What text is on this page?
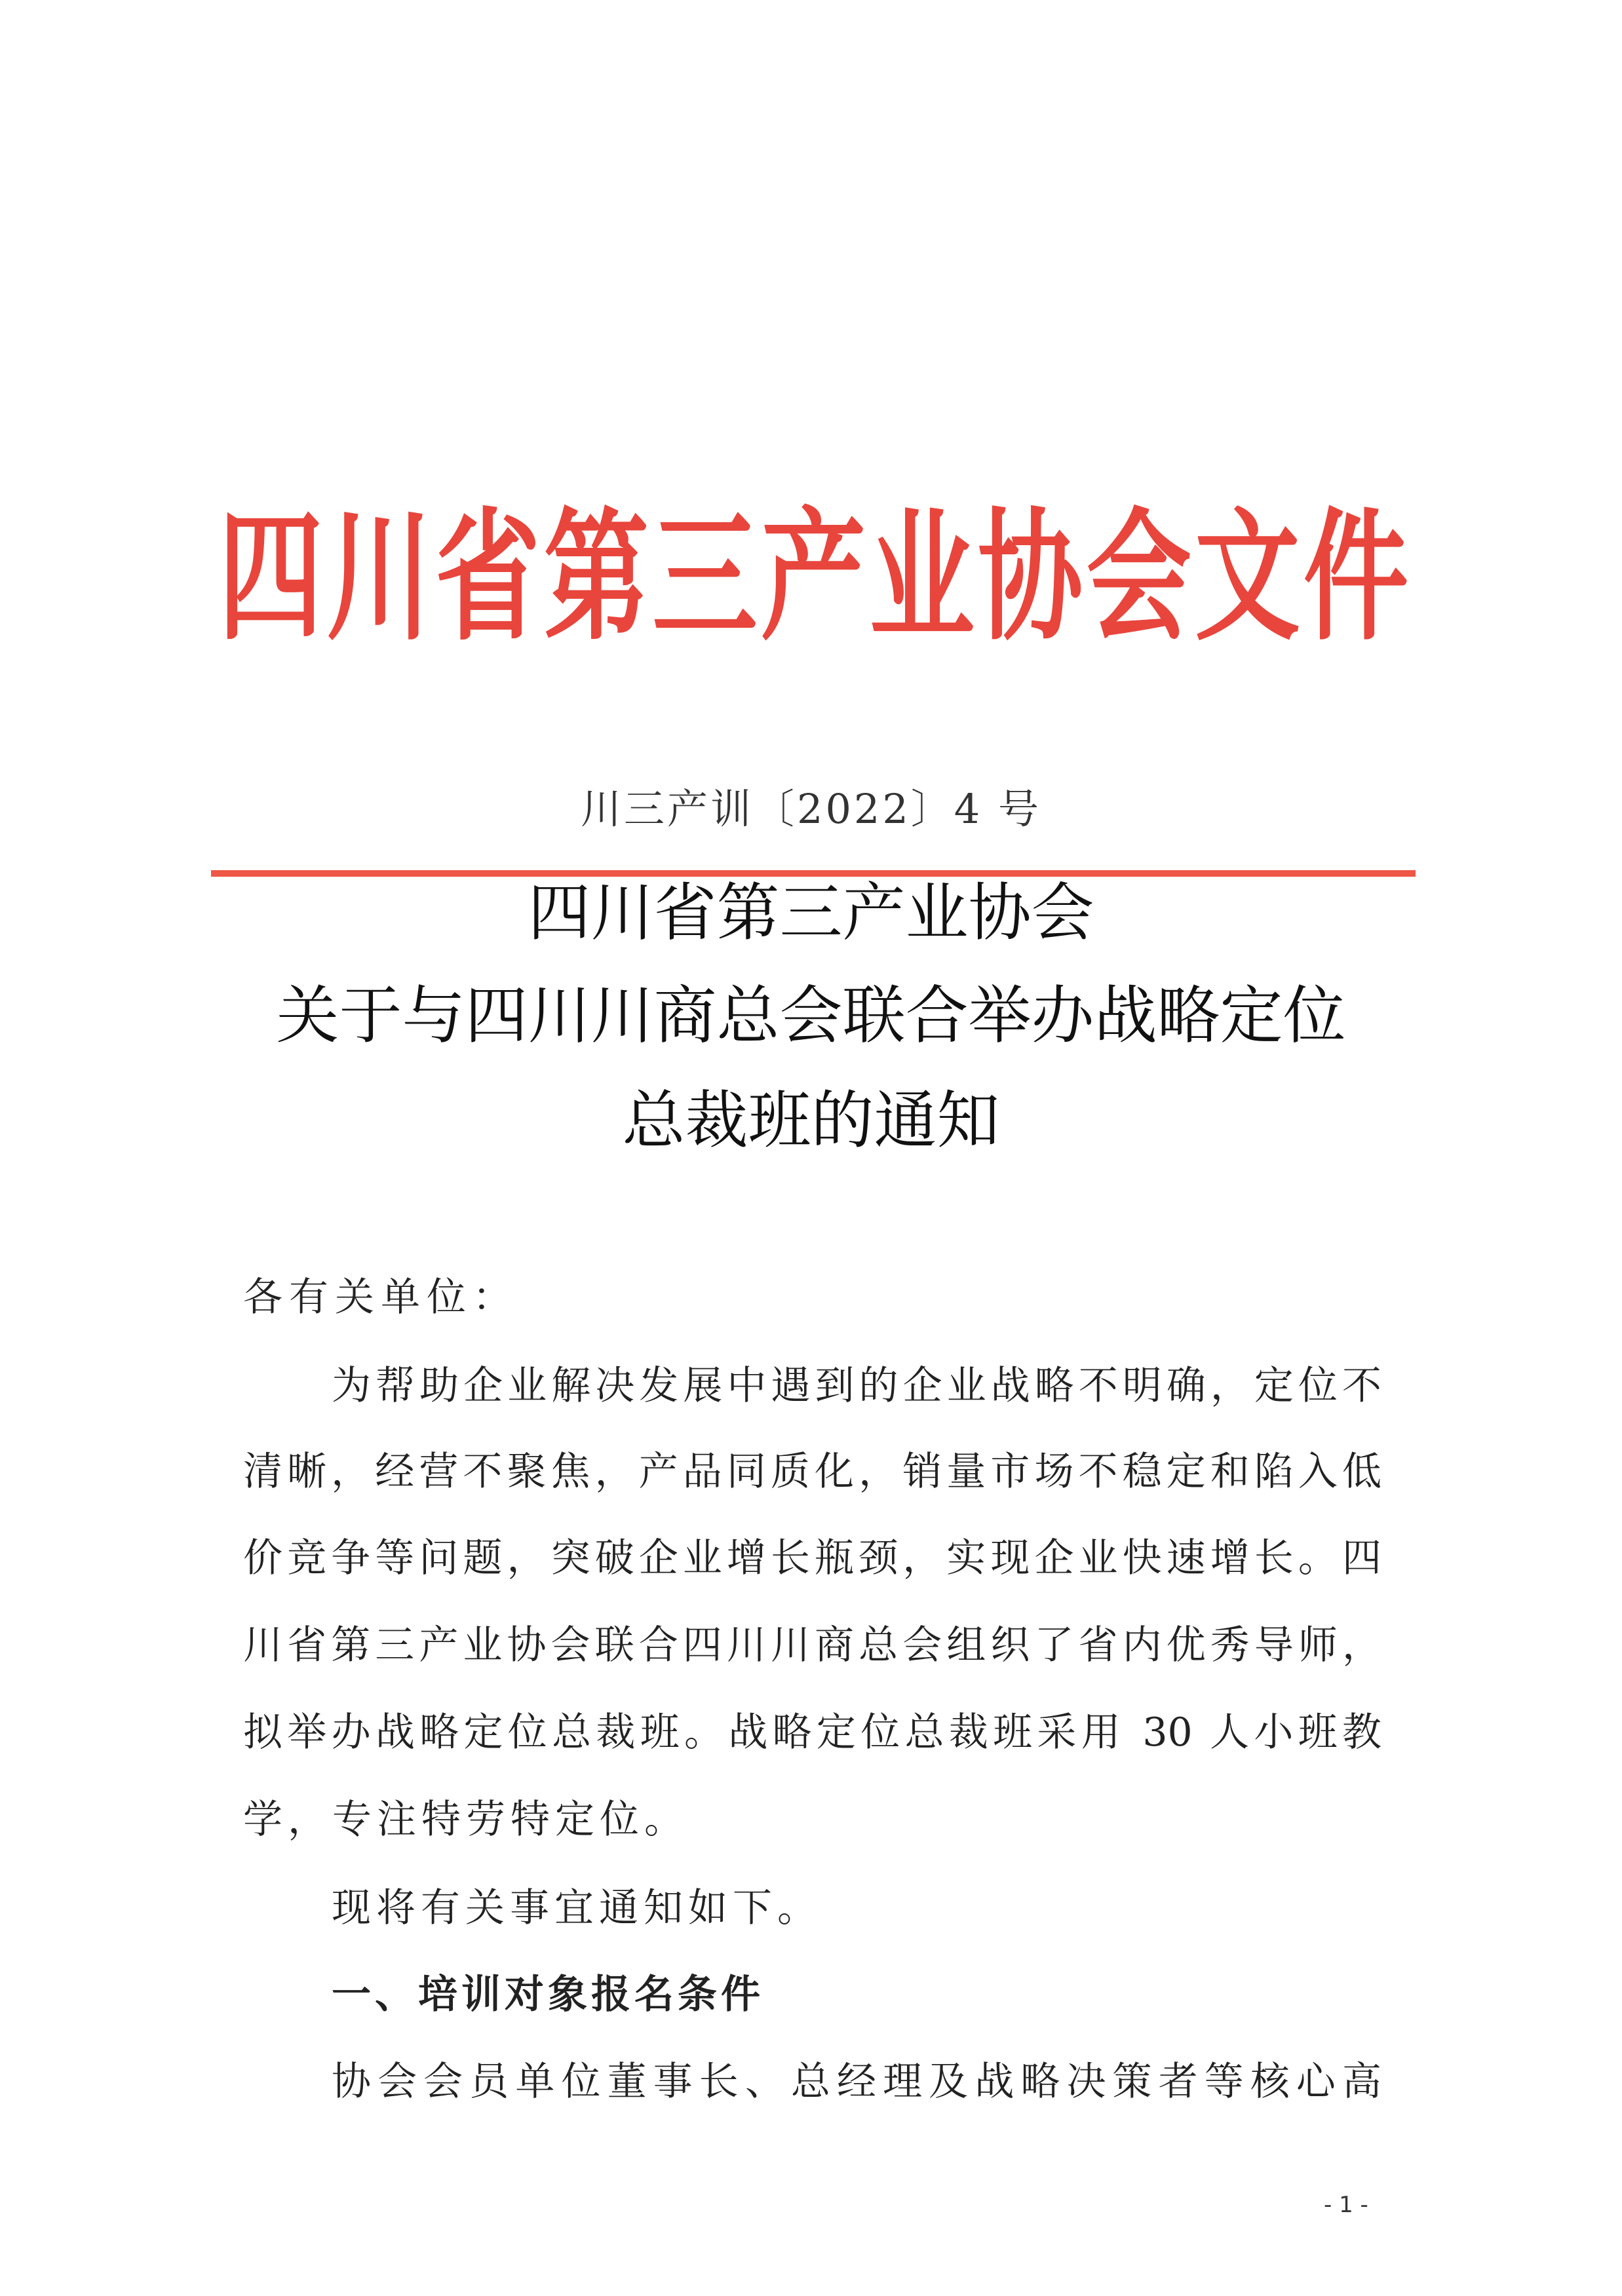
四川省第三产业协会文件
川三产训〔2022〕4 号
四川省第三产业协会
关于与四川川商总会联合举办战略定位
总裁班的通知
各有关单位：
为帮助企业解决发展中遇到的企业战略不明确，定位不
清晰，经营不聚焦，产品同质化，销量市场不稳定和陷入低
价竞争等问题，突破企业增长瓶颈，实现企业快速增长。四
川省第三产业协会联合四川川商总会组织了省内优秀导师，
拟举办战略定位总裁班。战略定位总裁班采用 30 人小班教
学，专注特劳特定位。
现将有关事宜通知如下。
一、培训对象报名条件
协会会员单位董事长、总经理及战略决策者等核心高
- 1 -
